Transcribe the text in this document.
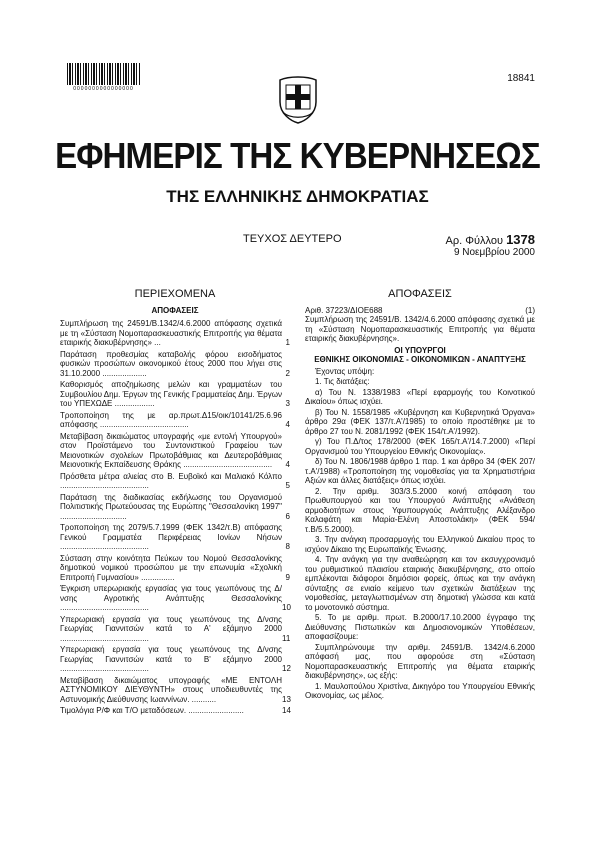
0000000000000000
18841
ΕΦΗΜΕΡΙΣ ΤΗΣ ΚΥΒΕΡΝΗΣΕΩΣ
ΤΗΣ ΕΛΛΗΝΙΚΗΣ ΔΗΜΟΚΡΑΤΙΑΣ
ΤΕΥΧΟΣ ΔΕΥΤΕΡΟ	Αρ. Φύλλου 1378
9 Νοεμβρίου 2000
ΠΕΡΙΕΧΟΜΕΝΑ
ΑΠΟΦΑΣΕΙΣ
Συμπλήρωση της 24591/Β.1342/4.6.2000 απόφασης σχετικά με τη «Σύσταση Νομοπαρασκευαστικής Επιτροπής για θέματα εταιρικής διακυβέρνησης» ...	1
Παράταση προθεσμίας καταβολής φόρου εισοδήματος φυσικών προσώπων οικονομικού έτους 2000 που λήγει στις 31.10.2000 ....................	2
Καθορισμός αποζημίωσης μελών και γραμματέων του Συμβουλίου Δημ. Έργων της Γενικής Γραμματείας Δημ. Έργων του ΥΠΕΧΩΔΕ ..................	3
Τροποποίηση της με αρ.πρωτ.Δ15/οικ/10141/25.6.96 απόφασης ........................................	4
Μεταβίβαση δικαιώματος υπογραφής «με εντολή Υπουργού» στον Προϊστάμενο του Συντονιστικού Γραφείου των Μειονοτικών σχολείων Πρωτοβάθμιας και Δευτεροβάθμιας Μειονοτικής Εκπαίδευσης Θράκης ........................................	4
Πρόσθετα μέτρα αλιείας στο Β. Ευβοϊκό και Μαλιακό Κόλπο ........................................	5
Παράταση της διαδικασίας εκδήλωσης του Οργανισμού Πολιτιστικής Πρωτεύουσας της Ευρώπης "Θεσσαλονίκη 1997" ..............................	6
Τροποποίηση της 2079/5.7.1999 (ΦΕΚ 1342/τ.Β) απόφασης Γενικού Γραμματέα Περιφέρειας Ιονίων Νήσων ........................................	8
Σύσταση στην κοινότητα Πεύκων του Νομού Θεσσαλονίκης δημοτικού νομικού προσώπου με την επωνυμία «Σχολική Επιτροπή Γυμνασίου» ...............	9
Έγκριση υπερωριακής εργασίας για τους γεωπόνους της Δ/νσης Αγροτικής Ανάπτυξης Θεσσαλονίκης ........................................	10
Υπερωριακή εργασία για τους γεωπόνους της Δ/νσης Γεωργίας Γιαννιτσών κατά το Α' εξάμηνο 2000 ........................................	11
Υπερωριακή εργασία για τους γεωπόνους της Δ/νσης Γεωργίας Γιαννιτσών κατά το Β' εξάμηνο 2000 ........................................	12
Μεταβίβαση δικαιώματος υπογραφής «ΜΕ ΕΝΤΟΛΗ ΑΣΤΥΝΟΜΙΚΟΥ ΔΙΕΥΘΥΝΤΗ» στους υποδιευθυντές της Αστυνομικής Διεύθυνσης Ιωαννίνων. ...........	13
Τιμολόγια Ρ/Φ και Τ/Ο μεταδόσεων. .........................	14
ΑΠΟΦΑΣΕΙΣ
Αριθ. 37223/ΔΙΟΕ688	(1)
Συμπλήρωση της 24591/Β. 1342/4.6.2000 απόφασης σχετικά με τη «Σύσταση Νομοπαρασκευαστικής Επιτροπής για θέματα εταιρικής διακυβέρνησης».
ΟΙ ΥΠΟΥΡΓΟΙ
ΕΘΝΙΚΗΣ ΟΙΚΟΝΟΜΙΑΣ - ΟΙΚΟΝΟΜΙΚΩΝ - ΑΝΑΠΤΥΞΗΣ
Έχοντας υπόψη:
1. Τις διατάξεις:
α) Του Ν. 1338/1983 «Περί εφαρμογής του Κοινοτικού Δικαίου» όπως ισχύει.
β) Του Ν. 1558/1985 «Κυβέρνηση και Κυβερνητικά Όργανα» άρθρο 29α (ΦΕΚ 137/τ.Α'/1985) το οποίο προστέθηκε με το άρθρο 27 του Ν. 2081/1992 (ΦΕΚ 154/τ.Α'/1992).
γ) Του Π.Δ/τος 178/2000 (ΦΕΚ 165/τ.Α'/14.7.2000) «Περί Οργανισμού του Υπουργείου Εθνικής Οικονομίας».
δ) Του Ν. 1806/1988 άρθρο 1 παρ. 1 και άρθρο 34 (ΦΕΚ 207/τ.Α'/1988) «Τροποποίηση της νομοθεσίας για τα Χρηματιστήρια Αξιών και άλλες διατάξεις» όπως ισχύει.
2. Την αριθμ. 303/3.5.2000 κοινή απόφαση του Πρωθυπουργού και του Υπουργού Ανάπτυξης «Ανάθεση αρμοδιοτήτων στους Υφυπουργούς Ανάπτυξης Αλέξανδρο Καλαφάτη και Μαρία-Ελένη Αποστολάκη» (ΦΕΚ 594/τ.Β/5.5.2000).
3. Την ανάγκη προσαρμογής του Ελληνικού Δικαίου προς το ισχύον Δίκαιο της Ευρωπαϊκής Ένωσης.
4. Την ανάγκη για την αναθεώρηση και τον εκσυγχρονισμό του ρυθμιστικού πλαισίου εταιρικής διακυβέρνησης, στο οποίο εμπλέκονται διάφοροι δημόσιοι φορείς, όπως και την ανάγκη σύνταξης σε ενιαίο κείμενο των σχετικών διατάξεων της νομοθεσίας, μεταγλωττισμένων στη δημοτική γλώσσα και κατά το μονοτονικό σύστημα.
5. Το με αριθμ. πρωτ. Β.2000/17.10.2000 έγγραφο της Διεύθυνσης Πιστωτικών και Δημοσιονομικών Υποθέσεων, αποφασίζουμε:
Συμπληρώνουμε την αριθμ. 24591/Β. 1342/4.6.2000 απόφασή μας, που αφορούσε στη «Σύσταση Νομοπαρασκευαστικής Επιτροπής για θέματα εταιρικής διακυβέρνησης», ως εξής:
1. Μαυλοπούλου Χριστίνα, Δικηγόρο του Υπουργείου Εθνικής Οικονομίας, ως μέλος.
